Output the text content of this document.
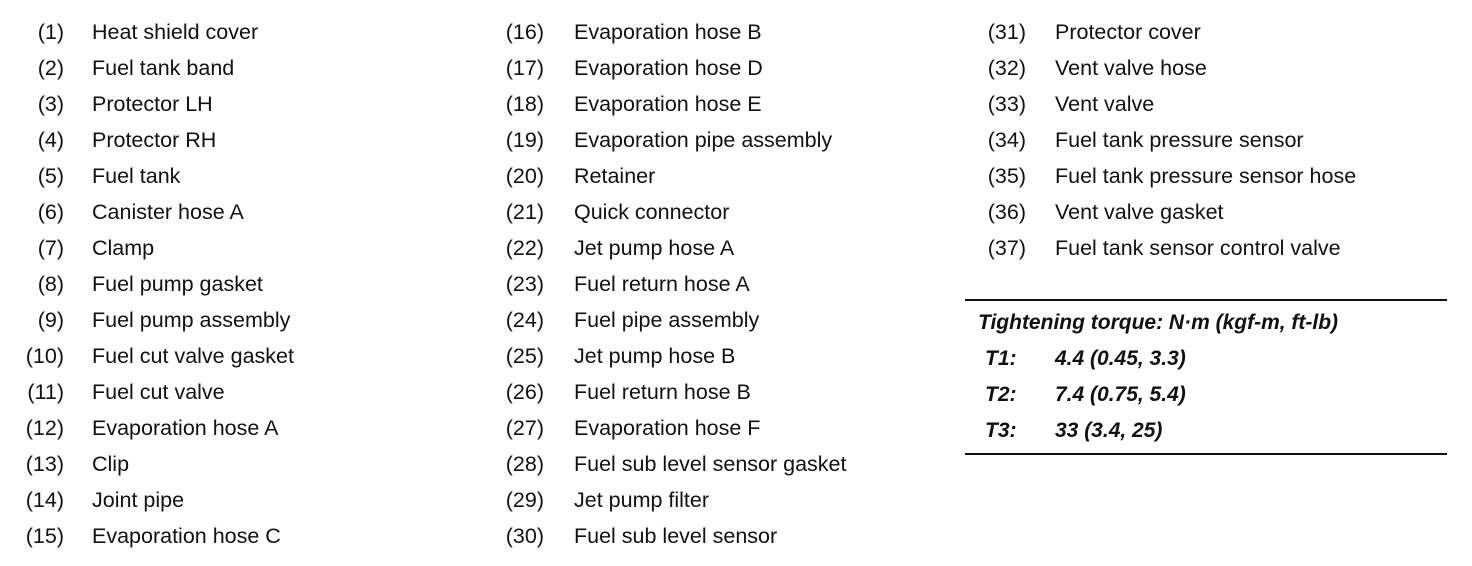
(1) Heat shield cover
(2) Fuel tank band
(3) Protector LH
(4) Protector RH
(5) Fuel tank
(6) Canister hose A
(7) Clamp
(8) Fuel pump gasket
(9) Fuel pump assembly
(10) Fuel cut valve gasket
(11) Fuel cut valve
(12) Evaporation hose A
(13) Clip
(14) Joint pipe
(15) Evaporation hose C
(16) Evaporation hose B
(17) Evaporation hose D
(18) Evaporation hose E
(19) Evaporation pipe assembly
(20) Retainer
(21) Quick connector
(22) Jet pump hose A
(23) Fuel return hose A
(24) Fuel pipe assembly
(25) Jet pump hose B
(26) Fuel return hose B
(27) Evaporation hose F
(28) Fuel sub level sensor gasket
(29) Jet pump filter
(30) Fuel sub level sensor
(31) Protector cover
(32) Vent valve hose
(33) Vent valve
(34) Fuel tank pressure sensor
(35) Fuel tank pressure sensor hose
(36) Vent valve gasket
(37) Fuel tank sensor control valve
Tightening torque: N·m (kgf-m, ft-lb)
T1: 4.4 (0.45, 3.3)
T2: 7.4 (0.75, 5.4)
T3: 33 (3.4, 25)
